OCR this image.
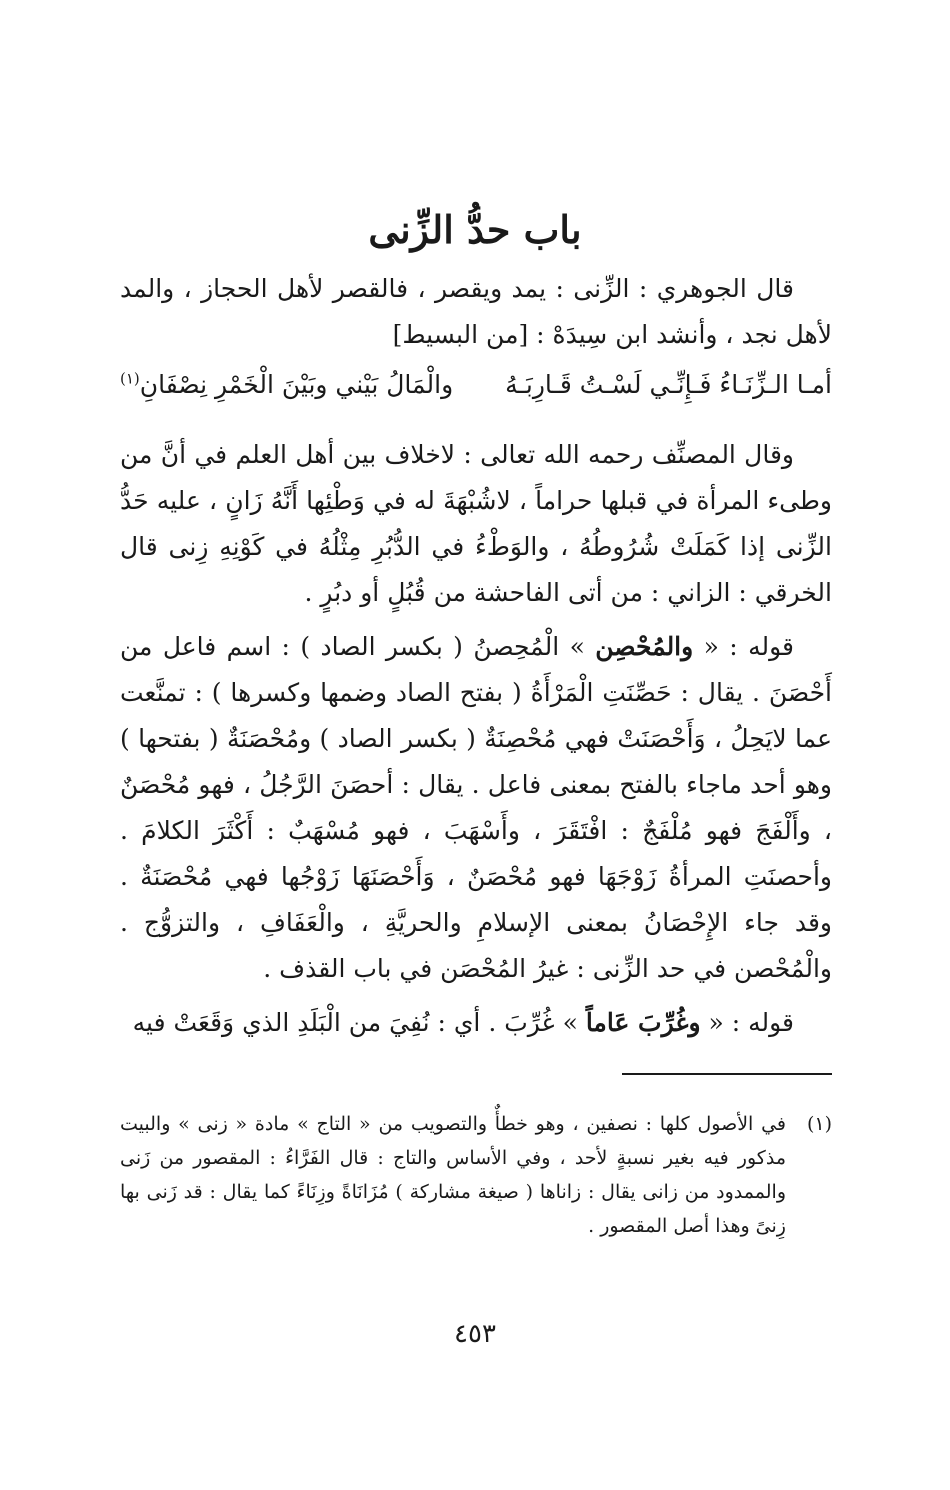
باب حدُّ الزِّنى

قال الجوهري : الزِّنى : يمد ويقصر ، فالقصر لأهل الحجاز ، والمد لأهل نجد ، وأنشد ابن سِيدَهْ : [من البسيط]

أمـا الـزِّنَـاءُ فَـإِنِّـي لَسْـتُ قَـارِبَـهُ
والْمَالُ بَيْني وبَيْنَ الْخَمْرِ نِصْفَانِ$^{(١)}$

وقال المصنِّف رحمه الله تعالى : لاخلاف بين أهل العلم في أنَّ من وطىء المرأة في قبلها حراماً ، لاشُبْهَةَ له في وَطْئِها أَنَّهُ زَانٍ ، عليه حَدُّ الزِّنى إذا كَمَلَتْ شُرُوطُهُ ، والوَطْءُ في الدُّبُرِ مِثْلُهُ في كَوْنِهِ زِنى قال الخرقي : الزاني : من أتى الفاحشة من قُبُلٍ أو دبُرٍ .

قوله : « والمُحْصِن » الْمُحِصنُ ( بكسر الصاد ) : اسم فاعل من أَحْصَنَ . يقال : حَصِّنَتِ الْمَرْأَةُ ( بفتح الصاد وضمها وكسرها ) : تمنَّعت عما لايَحِلُ ، وَأَحْصَنَتْ فهي مُحْصِنَةٌ ( بكسر الصاد ) ومُحْصَنَةٌ ( بفتحها ) وهو أحد ماجاء بالفتح بمعنى فاعل . يقال : أحصَنَ الرَّجُلُ ، فهو مُحْصَنٌ ، وأَلْفَجَ فهو مُلْفَجٌ : افْتَقَرَ ، وأَسْهَبَ ، فهو مُسْهَبٌ : أَكْثَرَ الكلامَ . وأحصنَتِ المرأةُ زَوْجَهَا فهو مُحْصَنٌ ، وَأَحْصَنَهَا زَوْجُها فهي مُحْصَنَةٌ . وقد جاء الإِحْصَانُ بمعنى الإسلامِ والحريَّةِ ، والْعَفَافِ ، والتزوُّج . والْمُحْصن في حد الزِّنى : غيرُ المُحْصَن في باب القذف .

قوله : « وغُرِّبَ عَاماً » غُرِّبَ . أي : نُفِيَ من الْبَلَدِ الذي وَقَعَتْ فيه

(١)
في الأصول كلها : نصفين ، وهو خطأٌ والتصويب من « التاج » مادة « زنى » والبيت مذكور فيه بغير نسبةٍ لأحد ، وفي الأساس والتاج : قال الفَرَّاءُ : المقصور من زَنى والممدود من زانى يقال : زاناها ( صيغة مشاركة ) مُزَانَاةً وزِنَاءً كما يقال : قد زَنى بها زِنىً وهذا أصل المقصور .
٤٥٣
